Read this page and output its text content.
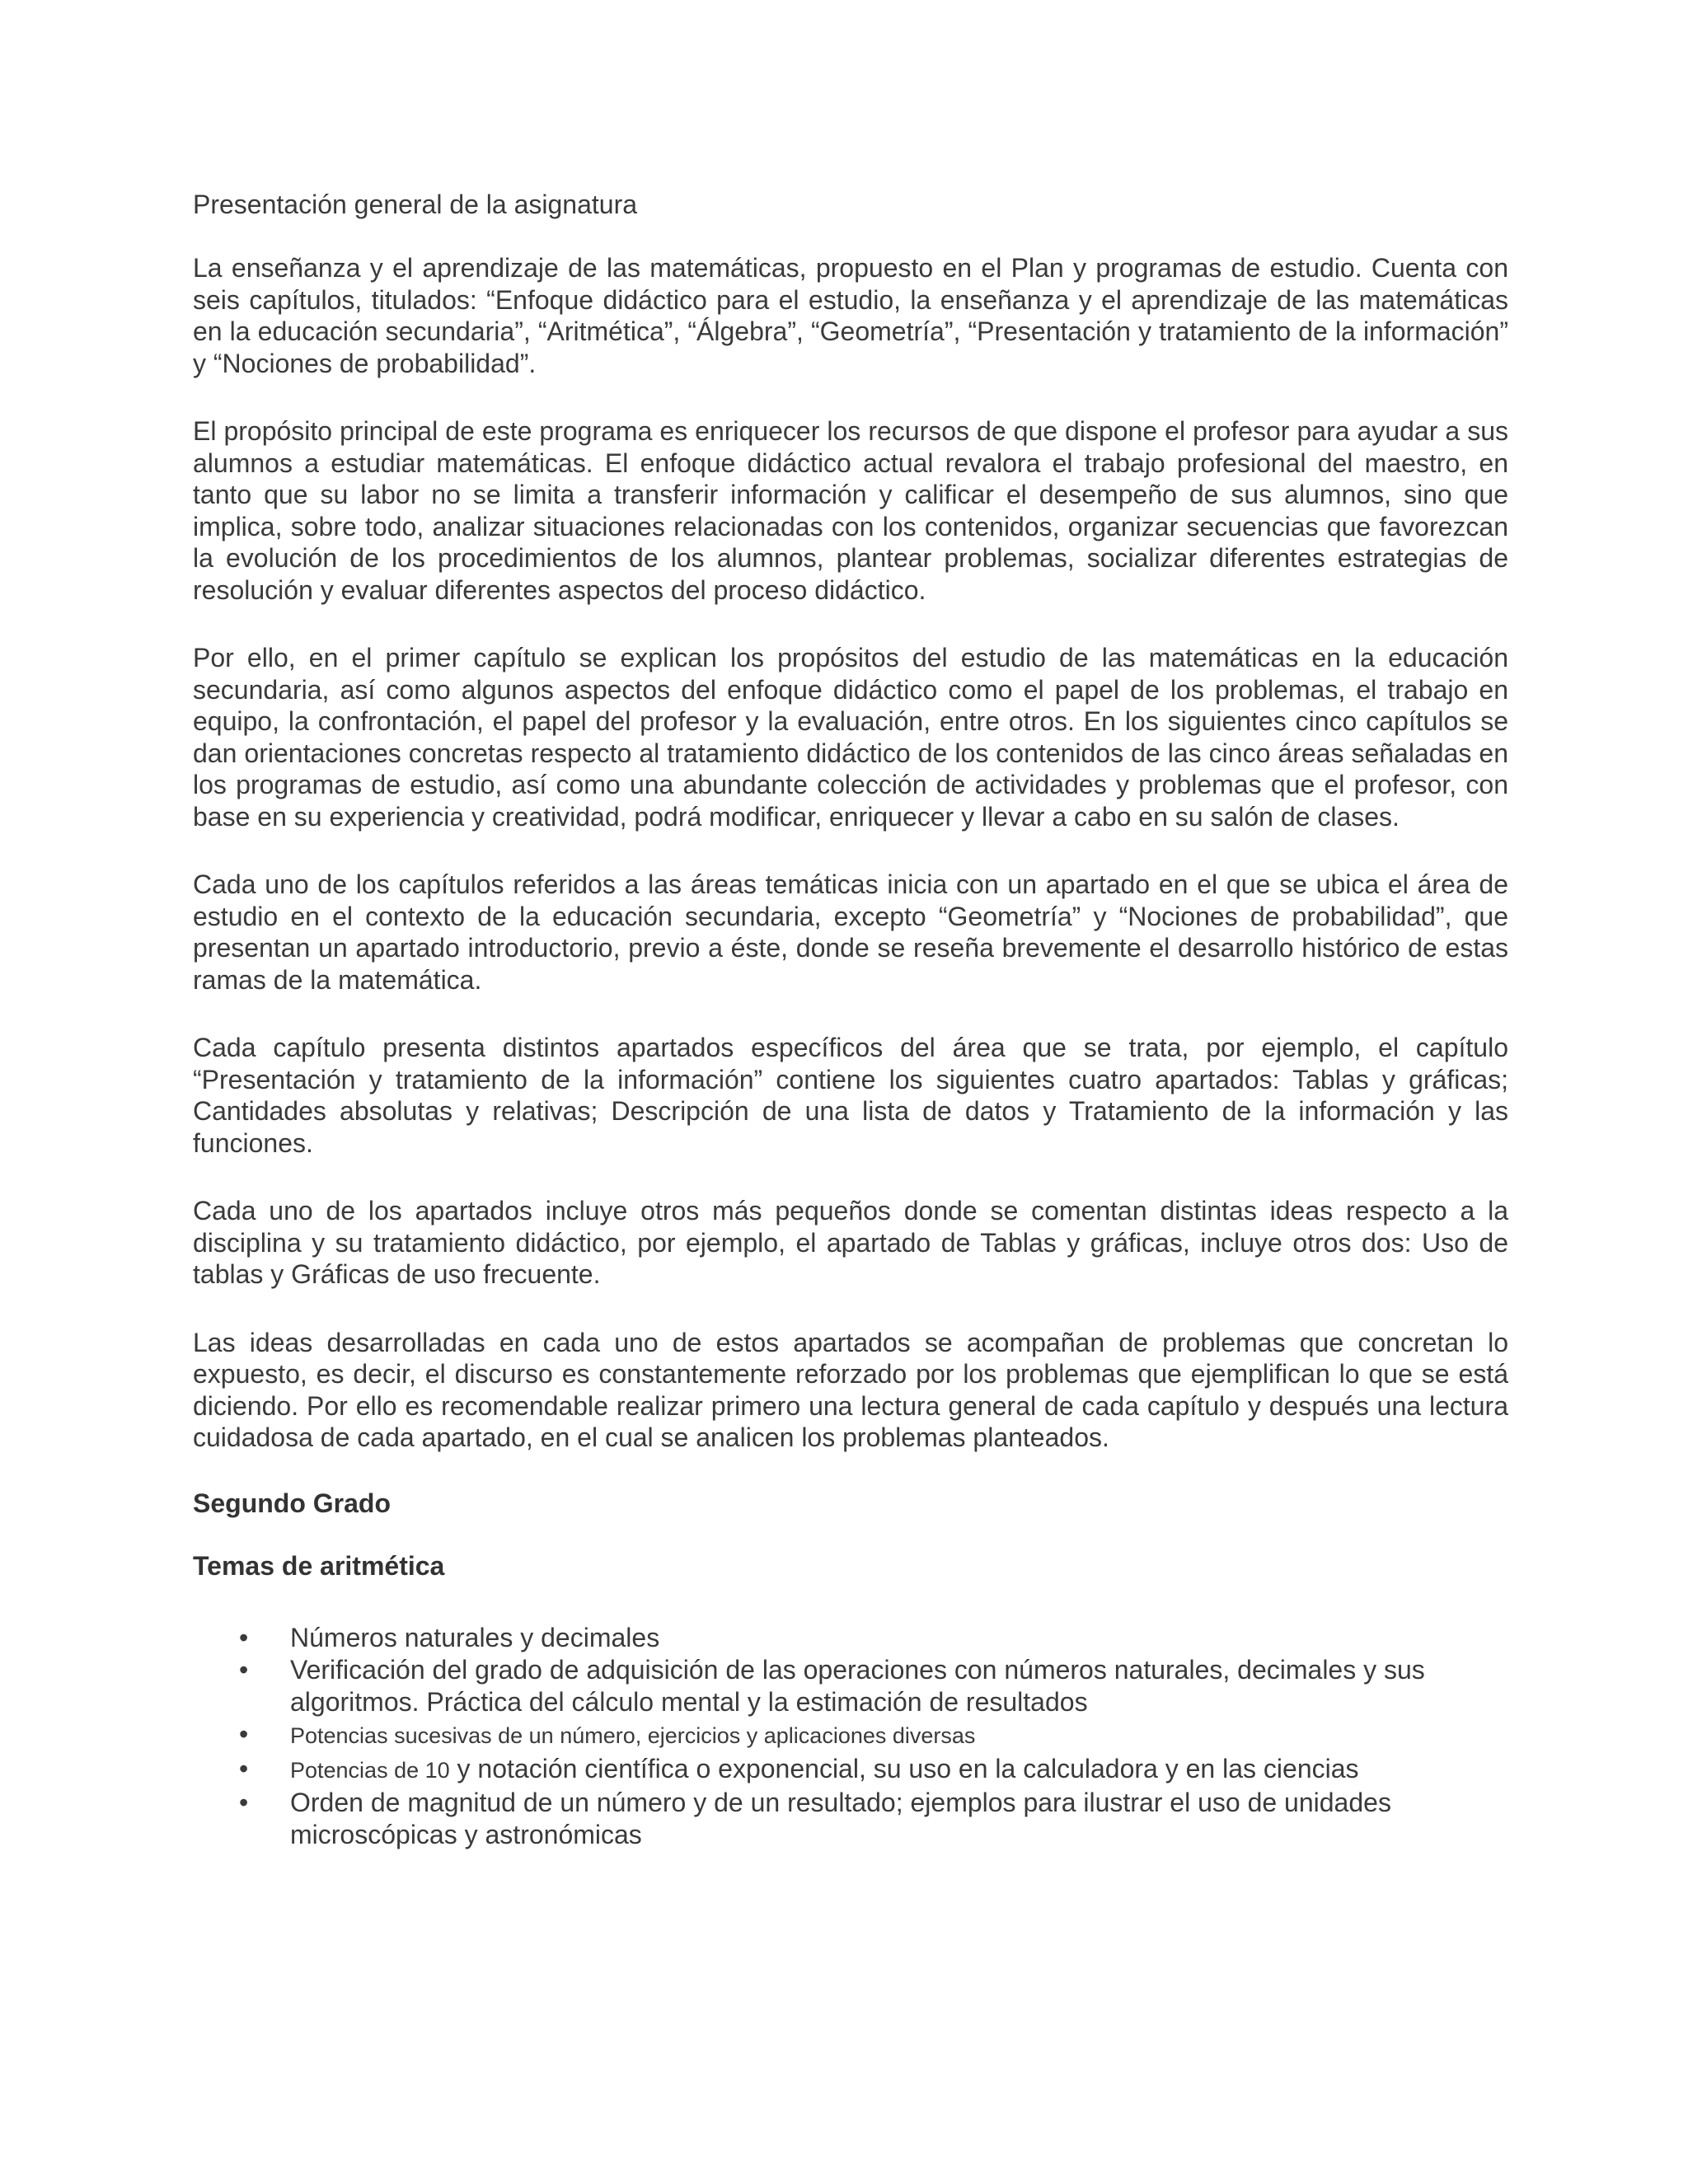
Presentación general de la asignatura

La enseñanza y el aprendizaje de las matemáticas, propuesto en el Plan y programas de estudio. Cuenta con seis capítulos, titulados: “Enfoque didáctico para el estudio, la enseñanza y el aprendizaje de las matemáticas en la educación secundaria”, “Aritmética”, “Álgebra”, “Geometría”, “Presentación y tratamiento de la información” y “Nociones de probabilidad”.

El propósito principal de este programa es enriquecer los recursos de que dispone el profesor para ayudar a sus alumnos a estudiar matemáticas. El enfoque didáctico actual revalora el trabajo profesional del maestro, en tanto que su labor no se limita a transferir información y calificar el desempeño de sus alumnos, sino que implica, sobre todo, analizar situaciones relacionadas con los contenidos, organizar secuencias que favorezcan la evolución de los procedimientos de los alumnos, plantear problemas, socializar diferentes estrategias de resolución y evaluar diferentes aspectos del proceso didáctico.

Por ello, en el primer capítulo se explican los propósitos del estudio de las matemáticas en la educación secundaria, así como algunos aspectos del enfoque didáctico como el papel de los problemas, el trabajo en equipo, la confrontación, el papel del profesor y la evaluación, entre otros. En los siguientes cinco capítulos se dan orientaciones concretas respecto al tratamiento didáctico de los contenidos de las cinco áreas señaladas en los programas de estudio, así como una abundante colección de actividades y problemas que el profesor, con base en su experiencia y creatividad, podrá modificar, enriquecer y llevar a cabo en su salón de clases.

Cada uno de los capítulos referidos a las áreas temáticas inicia con un apartado en el que se ubica el área de estudio en el contexto de la educación secundaria, excepto “Geometría” y “Nociones de probabilidad”, que presentan un apartado introductorio, previo a éste, donde se reseña brevemente el desarrollo histórico de estas ramas de la matemática.

Cada capítulo presenta distintos apartados específicos del área que se trata, por ejemplo, el capítulo “Presentación y tratamiento de la información” contiene los siguientes cuatro apartados: Tablas y gráficas; Cantidades absolutas y relativas; Descripción de una lista de datos y Tratamiento de la información y las funciones.

Cada uno de los apartados incluye otros más pequeños donde se comentan distintas ideas respecto a la disciplina y su tratamiento didáctico, por ejemplo, el apartado de Tablas y gráficas, incluye otros dos: Uso de tablas y Gráficas de uso frecuente.

Las ideas desarrolladas en cada uno de estos apartados se acompañan de problemas que concretan lo expuesto, es decir, el discurso es constantemente reforzado por los problemas que ejemplifican lo que se está diciendo. Por ello es recomendable realizar primero una lectura general de cada capítulo y después una lectura cuidadosa de cada apartado, en el cual se analicen los problemas planteados.

Segundo Grado
Temas de aritmética
• Números naturales y decimales
• Verificación del grado de adquisición de las operaciones con números naturales, decimales y sus algoritmos. Práctica del cálculo mental y la estimación de resultados
• Potencias sucesivas de un número, ejercicios y aplicaciones diversas
• Potencias de 10 y notación científica o exponencial, su uso en la calculadora y en las ciencias
• Orden de magnitud de un número y de un resultado; ejemplos para ilustrar el uso de unidades microscópicas y astronómicas
